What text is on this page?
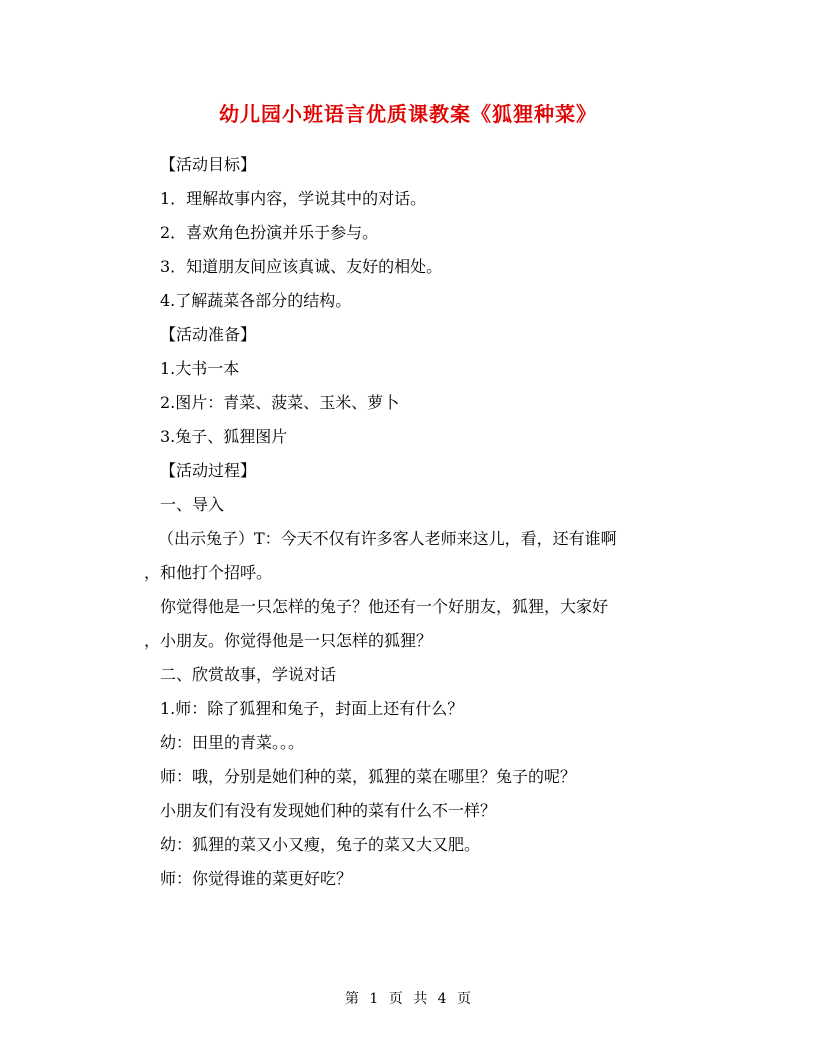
幼儿园小班语言优质课教案《狐狸种菜》
【活动目标】
1．理解故事内容，学说其中的对话。
2．喜欢角色扮演并乐于参与。
3．知道朋友间应该真诚、友好的相处。
4.了解蔬菜各部分的结构。
【活动准备】
1.大书一本
2.图片：青菜、菠菜、玉米、萝卜
3.兔子、狐狸图片
【活动过程】
一、导入
（出示兔子）T：今天不仅有许多客人老师来这儿，看，还有谁啊
，和他打个招呼。
你觉得他是一只怎样的兔子？他还有一个好朋友，狐狸，大家好
，小朋友。你觉得他是一只怎样的狐狸？
二、欣赏故事，学说对话
1.师：除了狐狸和兔子，封面上还有什么？
幼：田里的青菜。。。
师：哦，分别是她们种的菜，狐狸的菜在哪里？兔子的呢？
小朋友们有没有发现她们种的菜有什么不一样？
幼：狐狸的菜又小又瘦，兔子的菜又大又肥。
师：你觉得谁的菜更好吃？
第 1 页 共 4 页
